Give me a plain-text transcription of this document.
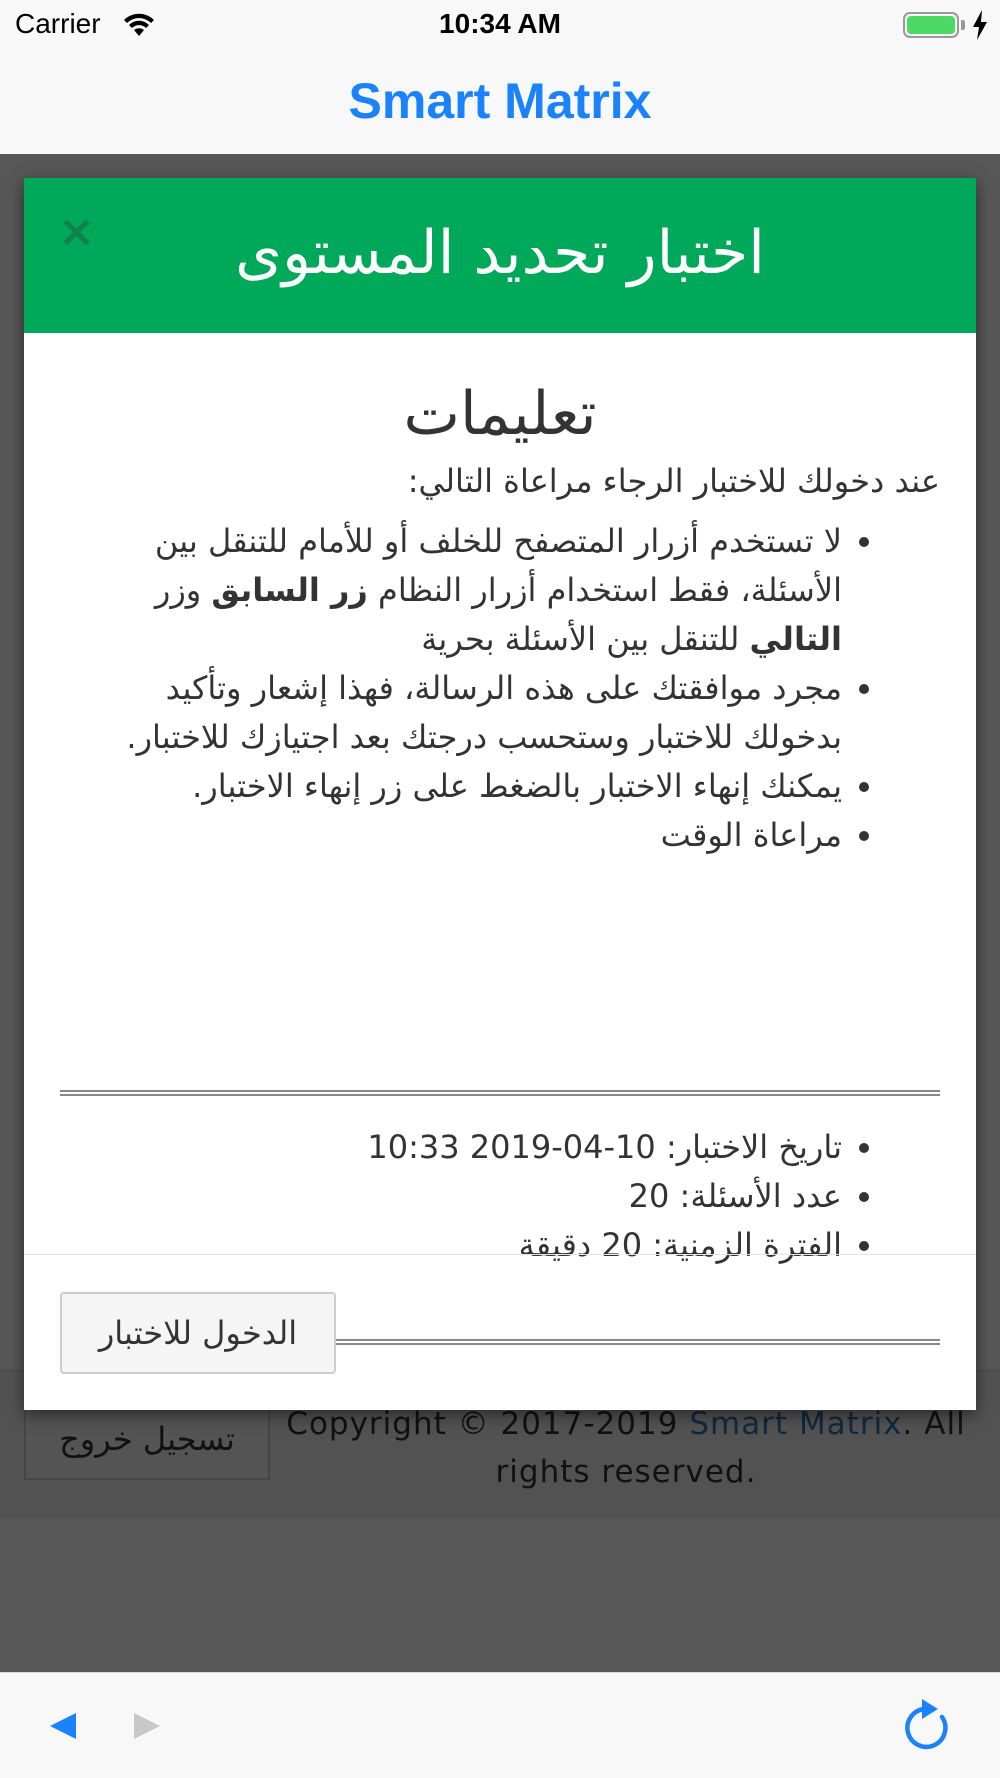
Carrier	10:34 AM
Smart Matrix
×	اختبار تحديد المستوى
تعليمات
عند دخولك للاختبار الرجاء مراعاة التالي:
• لا تستخدم أزرار المتصفح للخلف أو للأمام للتنقل بين الأسئلة، فقط استخدام أزرار النظام زر السابق وزر التالي للتنقل بين الأسئلة بحرية
• مجرد موافقتك على هذه الرسالة، فهذا إشعار وتأكيد بدخولك للاختبار وستحسب درجتك بعد اجتيازك للاختبار.
• يمكنك إنهاء الاختبار بالضغط على زر إنهاء الاختبار.
• مراعاة الوقت
• تاريخ الاختبار: 10-04-2019 10:33
• عدد الأسئلة: 20
• الفترة الزمنية: 20 دقيقة
الدخول للاختبار
